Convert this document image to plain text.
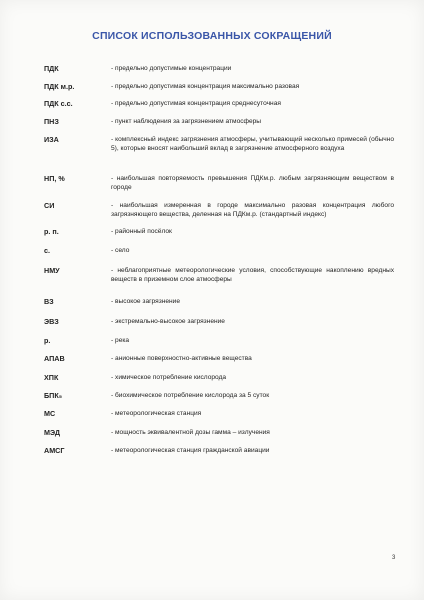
СПИСОК ИСПОЛЬЗОВАННЫХ СОКРАЩЕНИЙ
ПДК	- предельно допустимые концентрации
ПДК м.р.	- предельно допустимая концентрация максимально разовая
ПДК с.с.	- предельно допустимая концентрация среднесуточная
ПНЗ	- пункт наблюдения за загрязнением атмосферы
ИЗА	- комплексный индекс загрязнения атмосферы, учитывающий несколько примесей (обычно 5), которые вносят наибольший вклад в загрязнение атмосферного воздуха
НП, %	- наибольшая повторяемость превышения ПДКм.р. любым загрязняющим веществом в городе
СИ	- наибольшая измеренная в городе максимально разовая концентрация любого загрязняющего вещества, деленная на ПДКм.р. (стандартный индекс)
р. п.	- районный посёлок
с.	- село
НМУ	- неблагоприятные метеорологические условия, способствующие накоплению вредных веществ в приземном слое атмосферы
ВЗ	- высокое загрязнение
ЭВЗ	- экстремально-высокое загрязнение
р.	- река
АПАВ	- анионные поверхностно-активные вещества
ХПК	- химическое потребление кислорода
БПК₅	- биохимическое потребление кислорода за 5 суток
МС	- метеорологическая станция
МЭД	- мощность эквивалентной дозы гамма – излучения
АМСГ	- метеорологическая станция гражданской авиации
3
